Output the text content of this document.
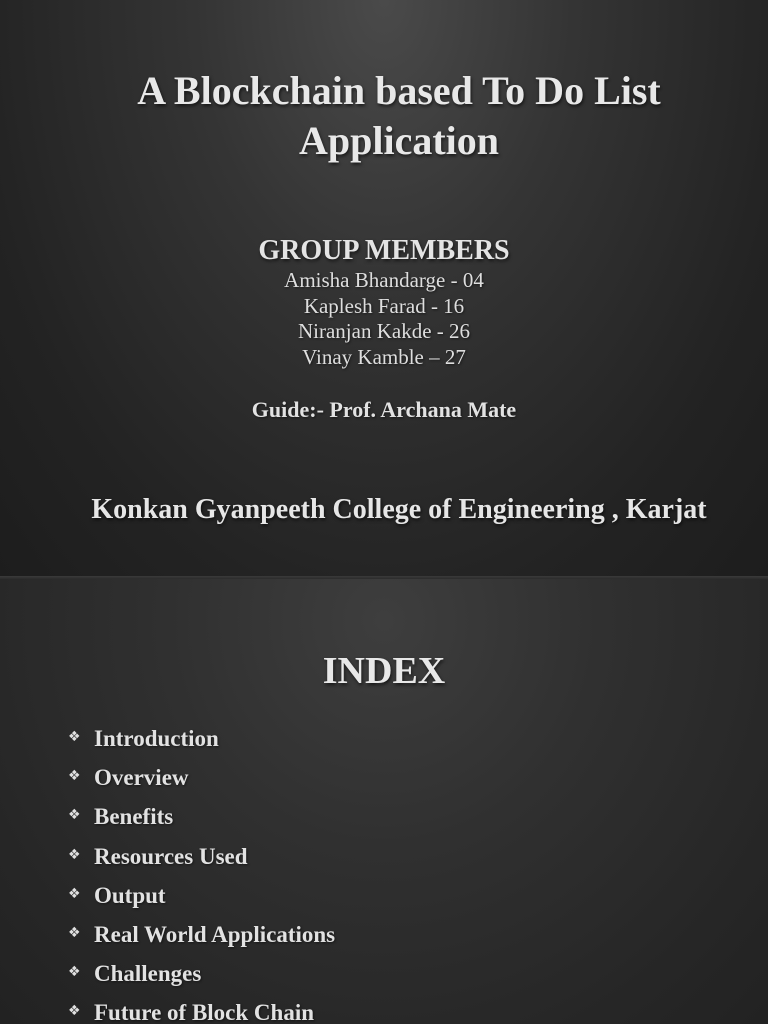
A Blockchain based To Do List
Application
GROUP MEMBERS
Amisha Bhandarge - 04
Kaplesh Farad - 16
Niranjan Kakde - 26
Vinay Kamble – 27
Guide:- Prof. Archana Mate
Konkan Gyanpeeth College of Engineering , Karjat
INDEX
❖ Introduction
❖ Overview
❖ Benefits
❖ Resources Used
❖ Output
❖ Real World Applications
❖ Challenges
❖ Future of Block Chain
